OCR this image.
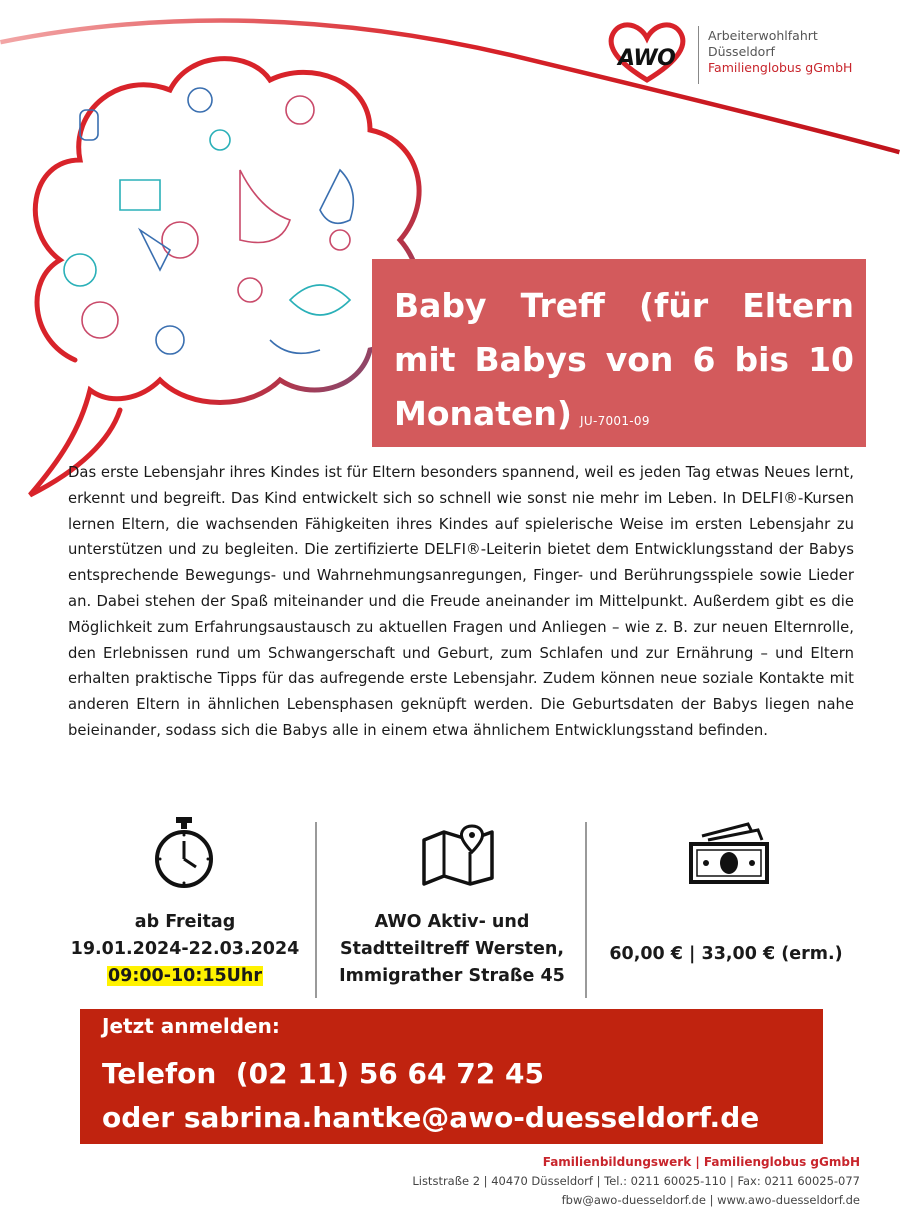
AWO
Arbeiterwohlfahrt
Düsseldorf
Familienglobus gGmbH

Baby Treff (für Eltern mit Babys von 6 bis 10 Monaten) JU-7001-09

Das erste Lebensjahr ihres Kindes ist für Eltern besonders spannend, weil es jeden Tag etwas Neues lernt, erkennt und begreift. Das Kind entwickelt sich so schnell wie sonst nie mehr im Leben. In DELFI®-Kursen lernen Eltern, die wachsenden Fähigkeiten ihres Kindes auf spielerische Weise im ersten Lebensjahr zu unterstützen und zu begleiten. Die zertifizierte DELFI®-Leiterin bietet dem Entwicklungsstand der Babys entsprechende Bewegungs- und Wahrnehmungsanregungen, Finger- und Berührungsspiele sowie Lieder an. Dabei stehen der Spaß miteinander und die Freude aneinander im Mittelpunkt. Außerdem gibt es die Möglichkeit zum Erfahrungsaustausch zu aktuellen Fragen und Anliegen – wie z. B. zur neuen Elternrolle, den Erlebnissen rund um Schwangerschaft und Geburt, zum Schlafen und zur Ernährung – und Eltern erhalten praktische Tipps für das aufregende erste Lebensjahr. Zudem können neue soziale Kontakte mit anderen Eltern in ähnlichen Lebensphasen geknüpft werden. Die Geburtsdaten der Babys liegen nahe beieinander, sodass sich die Babys alle in einem etwa ähnlichem Entwicklungsstand befinden.

ab Freitag
19.01.2024-22.03.2024
09:00-10:15Uhr
AWO Aktiv- und
Stadtteiltreff Wersten,
Immigrather Straße 45
60,00 € | 33,00 € (erm.)

Jetzt anmelden:

Telefon  (02 11) 56 64 72 45

oder sabrina.hantke@awo-duesseldorf.de

Familienbildungswerk | Familienglobus gGmbH
Liststraße 2 | 40470 Düsseldorf | Tel.: 0211 60025-110 | Fax: 0211 60025-077
fbw@awo-duesseldorf.de | www.awo-duesseldorf.de
